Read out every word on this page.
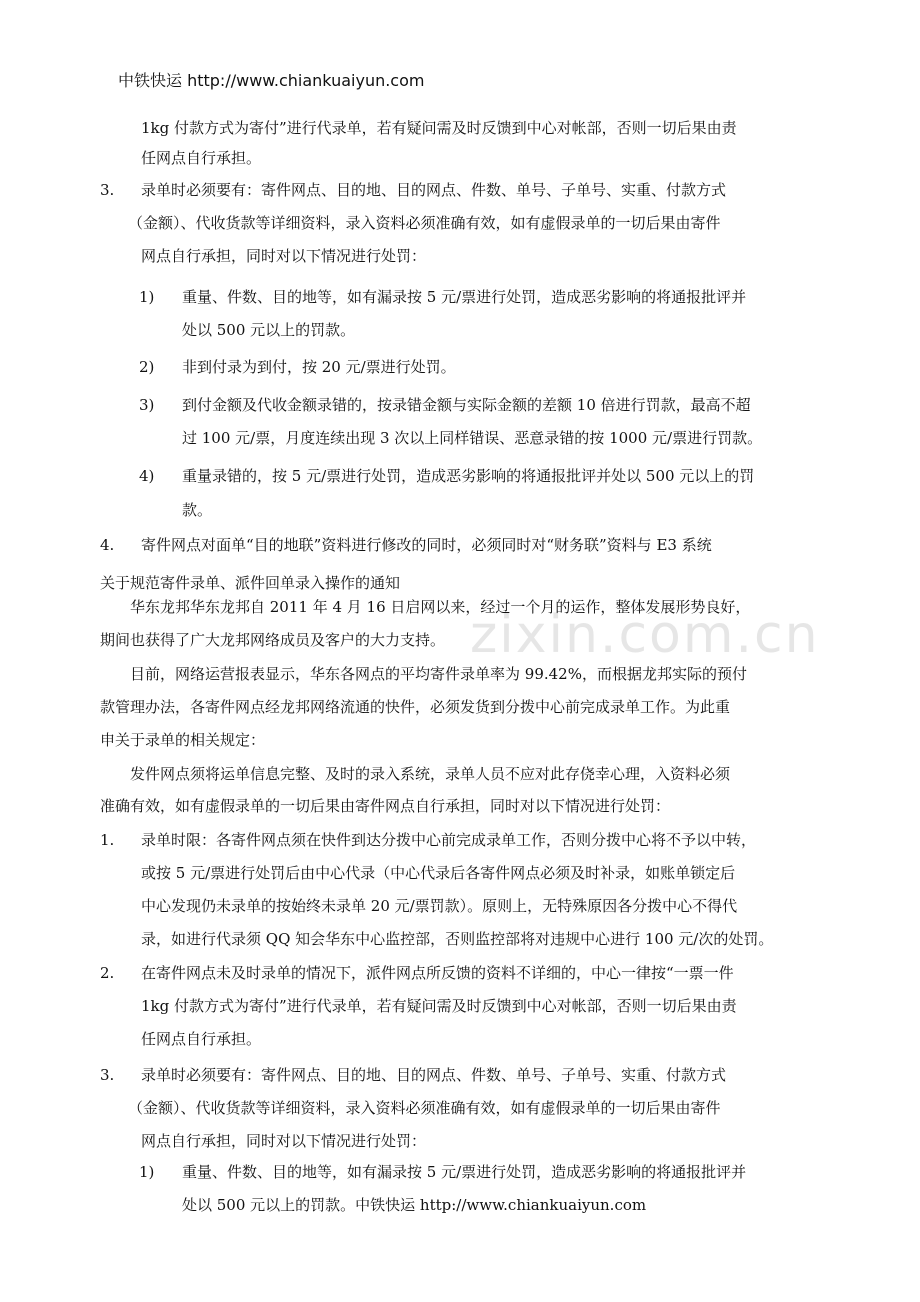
zixin.com.cn
中铁快运 http://www.chiankuaiyun.com
1kg 付款方式为寄付”进行代录单，若有疑问需及时反馈到中心对帐部，否则一切后果由责
任网点自行承担。
3. 录单时必须要有：寄件网点、目的地、目的网点、件数、单号、子单号、实重、付款方式
（金额）、代收货款等详细资料，录入资料必须准确有效，如有虚假录单的一切后果由寄件
网点自行承担，同时对以下情况进行处罚：
1) 重量、件数、目的地等，如有漏录按 5 元/票进行处罚，造成恶劣影响的将通报批评并
处以 500 元以上的罚款。
2) 非到付录为到付，按 20 元/票进行处罚。
3) 到付金额及代收金额录错的，按录错金额与实际金额的差额 10 倍进行罚款，最高不超
过 100 元/票，月度连续出现 3 次以上同样错误、恶意录错的按 1000 元/票进行罚款。
4) 重量录错的，按 5 元/票进行处罚，造成恶劣影响的将通报批评并处以 500 元以上的罚
款。
4. 寄件网点对面单“目的地联”资料进行修改的同时，必须同时对“财务联”资料与 E3 系统
关于规范寄件录单、派件回单录入操作的通知
华东龙邦华东龙邦自 2011 年 4 月 16 日启网以来，经过一个月的运作，整体发展形势良好，
期间也获得了广大龙邦网络成员及客户的大力支持。
目前，网络运营报表显示，华东各网点的平均寄件录单率为 99.42%，而根据龙邦实际的预付
款管理办法，各寄件网点经龙邦网络流通的快件，必须发货到分拨中心前完成录单工作。为此重
申关于录单的相关规定：
发件网点须将运单信息完整、及时的录入系统，录单人员不应对此存侥幸心理，入资料必须
准确有效，如有虚假录单的一切后果由寄件网点自行承担，同时对以下情况进行处罚：
1. 录单时限：各寄件网点须在快件到达分拨中心前完成录单工作，否则分拨中心将不予以中转，
或按 5 元/票进行处罚后由中心代录（中心代录后各寄件网点必须及时补录，如账单锁定后
中心发现仍未录单的按始终未录单 20 元/票罚款）。原则上，无特殊原因各分拨中心不得代
录，如进行代录须 QQ 知会华东中心监控部，否则监控部将对违规中心进行 100 元/次的处罚。
2. 在寄件网点未及时录单的情况下，派件网点所反馈的资料不详细的，中心一律按“一票一件
1kg 付款方式为寄付”进行代录单，若有疑问需及时反馈到中心对帐部，否则一切后果由责
任网点自行承担。
3. 录单时必须要有：寄件网点、目的地、目的网点、件数、单号、子单号、实重、付款方式
（金额）、代收货款等详细资料，录入资料必须准确有效，如有虚假录单的一切后果由寄件
网点自行承担，同时对以下情况进行处罚：
1) 重量、件数、目的地等，如有漏录按 5 元/票进行处罚，造成恶劣影响的将通报批评并
处以 500 元以上的罚款。中铁快运 http://www.chiankuaiyun.com
